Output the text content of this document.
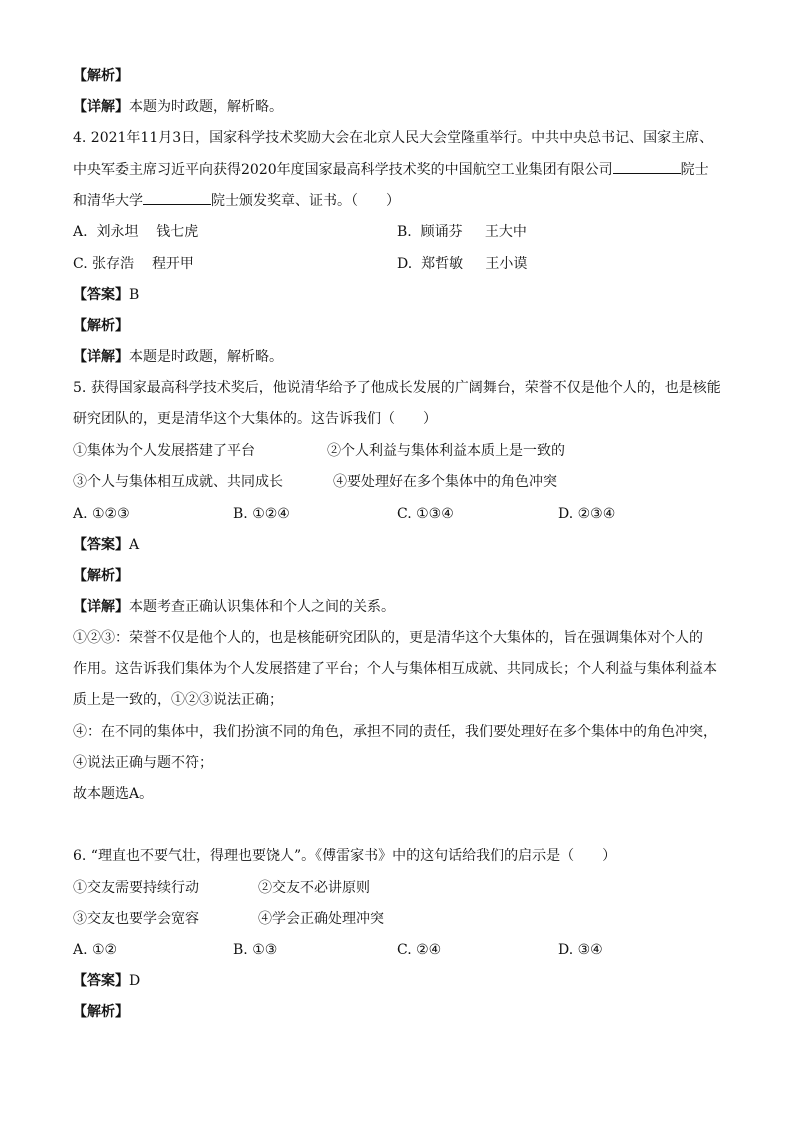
【解析】
【详解】本题为时政题，解析略。
4. 2021年11月3日，国家科学技术奖励大会在北京人民大会堂隆重举行。中共中央总书记、国家主席、
中央军委主席习近平向获得2020年度国家最高科学技术奖的中国航空工业集团有限公司	院士
和清华大学	院士颁发奖章、证书。（　　）
A. 刘永坦 钱七虎	B. 顾诵芬 王大中
C. 张存浩 程开甲	D. 郑哲敏 王小谟
【答案】B
【解析】
【详解】本题是时政题，解析略。
5. 获得国家最高科学技术奖后，他说清华给予了他成长发展的广阔舞台，荣誉不仅是他个人的，也是核能
研究团队的，更是清华这个大集体的。这告诉我们（　　）
①集体为个人发展搭建了平台	②个人利益与集体利益本质上是一致的
③个人与集体相互成就、共同成长	④要处理好在多个集体中的角色冲突
A. ①②③	B. ①②④	C. ①③④	D. ②③④
【答案】A
【解析】
【详解】本题考查正确认识集体和个人之间的关系。
①②③：荣誉不仅是他个人的，也是核能研究团队的，更是清华这个大集体的，旨在强调集体对个人的
作用。这告诉我们集体为个人发展搭建了平台；个人与集体相互成就、共同成长；个人利益与集体利益本
质上是一致的，①②③说法正确；
④：在不同的集体中，我们扮演不同的角色，承担不同的责任，我们要处理好在多个集体中的角色冲突，
④说法正确与题不符；
故本题选A。
6. “理直也不要气壮，得理也要饶人”。《傅雷家书》中的这句话给我们的启示是（　　）
①交友需要持续行动	②交友不必讲原则
③交友也要学会宽容	④学会正确处理冲突
A. ①②	B. ①③	C. ②④	D. ③④
【答案】D
【解析】
